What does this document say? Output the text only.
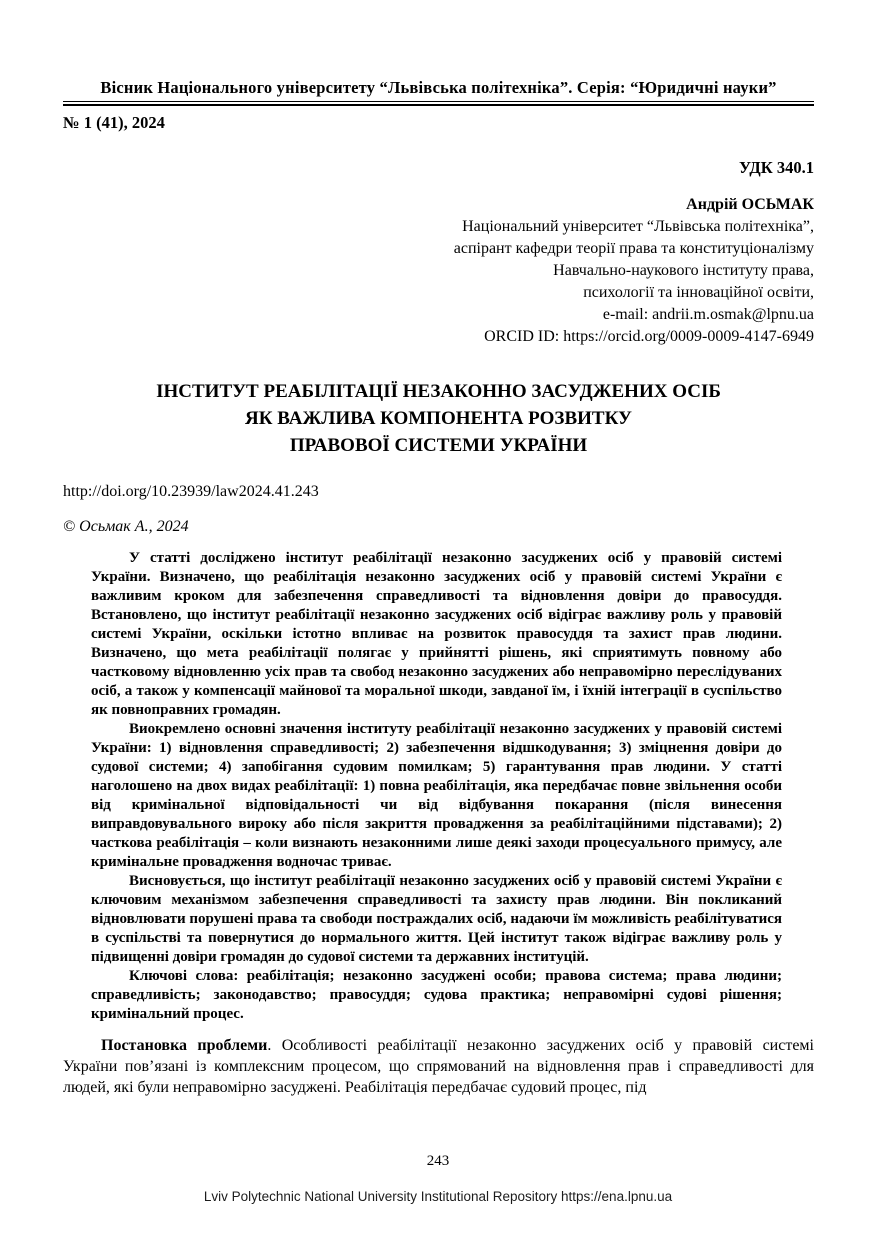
Вісник Національного університету “Львівська політехніка”. Серія: “Юридичні науки”
№ 1 (41), 2024
УДК 340.1
Андрій ОСЬМАК
Національний університет “Львівська політехніка”,
аспірант кафедри теорії права та конституціоналізму
Навчально-наукового інституту права,
психології та інноваційної освіти,
e-mail: andrii.m.osmak@lpnu.ua
ORCID ID: https://orcid.org/0009-0009-4147-6949
ІНСТИТУТ РЕАБІЛІТАЦІЇ НЕЗАКОННО ЗАСУДЖЕНИХ ОСІБ
ЯК ВАЖЛИВА КОМПОНЕНТА РОЗВИТКУ
ПРАВОВОЇ СИСТЕМИ УКРАЇНИ
http://doi.org/10.23939/law2024.41.243
© Осьмак А., 2024

У статті досліджено інститут реабілітації незаконно засуджених осіб у правовій системі України. Визначено, що реабілітація незаконно засуджених осіб у правовій системі України є важливим кроком для забезпечення справедливості та відновлення довіри до правосуддя. Встановлено, що інститут реабілітації незаконно засуджених осіб відіграє важливу роль у правовій системі України, оскільки істотно впливає на розвиток правосуддя та захист прав людини. Визначено, що мета реабілітації полягає у прийнятті рішень, які сприятимуть повному або частковому відновленню усіх прав та свобод незаконно засуджених або неправомірно переслідуваних осіб, а також у компенсації майнової та моральної шкоди, завданої їм, і їхній інтеграції в суспільство як повноправних громадян.

Виокремлено основні значення інституту реабілітації незаконно засуджених у правовій системі України: 1) відновлення справедливості; 2) забезпечення відшкодування; 3) зміцнення довіри до судової системи; 4) запобігання судовим помилкам; 5) гарантування прав людини. У статті наголошено на двох видах реабілітації: 1) повна реабілітація, яка передбачає повне звільнення особи від кримінальної відповідальності чи від відбування покарання (після винесення виправдовувального вироку або після закриття провадження за реабілітаційними підставами); 2) часткова реабілітація – коли визнають незаконними лише деякі заходи процесуального примусу, але кримінальне провадження водночас триває.

Висновується, що інститут реабілітації незаконно засуджених осіб у правовій системі України є ключовим механізмом забезпечення справедливості та захисту прав людини. Він покликаний відновлювати порушені права та свободи постраждалих осіб, надаючи їм можливість реабілітуватися в суспільстві та повернутися до нормального життя. Цей інститут також відіграє важливу роль у підвищенні довіри громадян до судової системи та державних інституцій.

Ключові слова: реабілітація; незаконно засуджені особи; правова система; права людини; справедливість; законодавство; правосуддя; судова практика; неправомірні судові рішення; кримінальний процес.

Постановка проблеми. Особливості реабілітації незаконно засуджених осіб у правовій системі України пов’язані із комплексним процесом, що спрямований на відновлення прав і справедливості для людей, які були неправомірно засуджені. Реабілітація передбачає судовий процес, під

243
Lviv Polytechnic National University Institutional Repository https://ena.lpnu.ua
